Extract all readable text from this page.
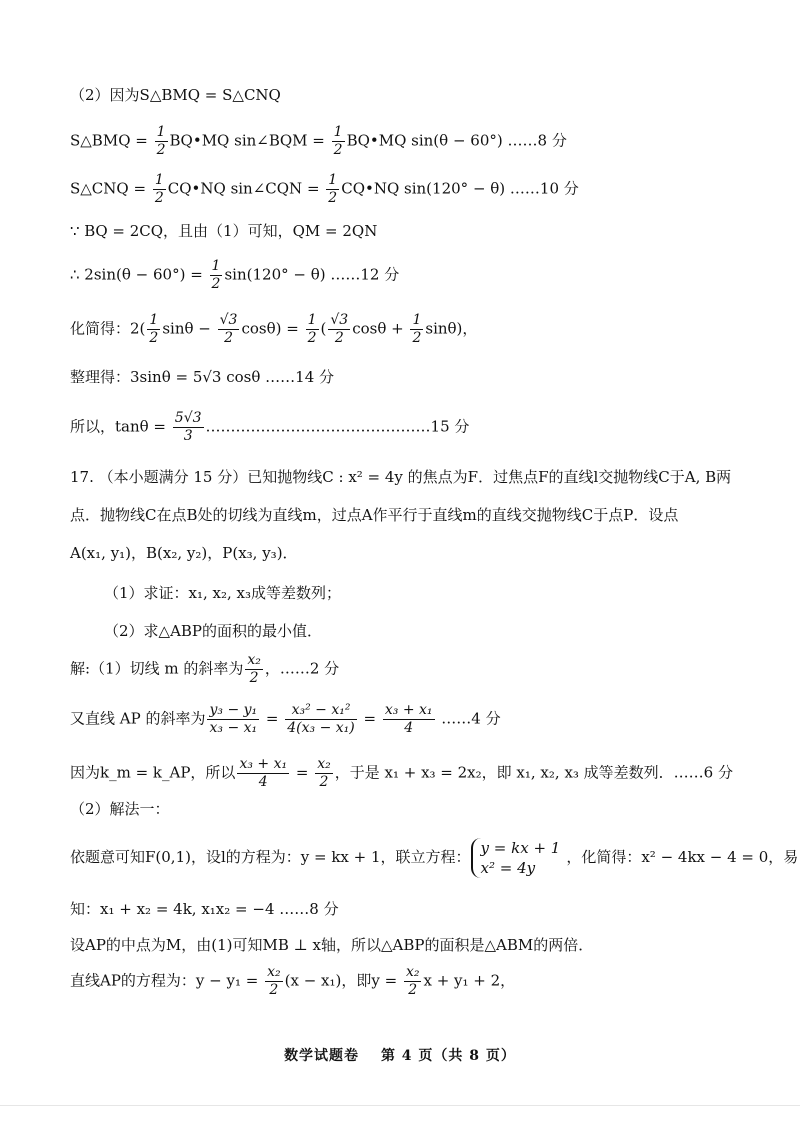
（2）因为S△BMQ = S△CNQ
S△BMQ = $\frac{1}{2}$ BQ•MQ sin∠BQM = $\frac{1}{2}$ BQ•MQ sin(θ − 60°) ……8 分
S△CNQ = $\frac{1}{2}$ CQ•NQ sin∠CQN = $\frac{1}{2}$ CQ•NQ sin(120° − θ) ……10 分
∵ BQ = 2CQ，且由（1）可知，QM = 2QN
∴ $2\sin(\theta - 60^\circ) = \frac{1}{2} \sin(120^\circ - \theta)$ ……12 分
化简得：$2( \frac{1}{2}$ $\sin\theta - \frac{√3}{2} \cos\theta) = \frac{1}{2}$ ( $\frac{√3}{2}$ $\cos\theta + \frac{1}{2} \sin\theta$)，
整理得：3sinθ = 5√3 cosθ ……14 分
所以，$\tan\theta = \frac{5√3}{3}$ ………………………………………15 分
17. （本小题满分 15 分）已知抛物线C : x² = 4y 的焦点为F．过焦点F的直线l交抛物线C于A, B两
点．抛物线C在点B处的切线为直线m，过点A作平行于直线m的直线交抛物线C于点P．设点
A(x₁, y₁)，B(x₂, y₂)，P(x₃, y₃)．
（1）求证：x₁, x₂, x₃成等差数列；
（2）求△ABP的面积的最小值．
解:（1）切线 m 的斜率为 $\frac{\text{x₂}}{2}$ ，……2 分
又直线 AP 的斜率为 $\frac{\text{y₃ − y₁}}{\text{x₃ − x₁}} = \frac{\text{x₃² − x₁²}}{\text{4(x₃ − x₁)}} = \frac{\text{x₃ + x₁}}{4}$ ……4 分
因为k_m = k_AP，所以 $\frac{\text{x₃ + x₁}}{4} = \frac{\text{x₂}}{2}$ ，于是 x₁ + x₃ = 2x₂，即 x₁, x₂, x₃ 成等差数列．……6 分
（2）解法一：
依题意可知F(0,1)，设l的方程为：y = kx + 1，联立方程： y = kx + 1
x² = 4y
，化简得：x² − 4kx − 4 = 0，易
知：x₁ + x₂ = 4k, x₁x₂ = −4 ……8 分
设AP的中点为M，由(1)可知MB ⊥ x轴，所以△ABP的面积是△ABM的两倍．
直线AP的方程为：$y - y_1 = \frac{\text{x₂}}{2} (x - x_1)$，即$y = \frac{\text{x₂}}{2}$ x + y₁ + 2，
数学试题卷 第 4 页（共 8 页）
